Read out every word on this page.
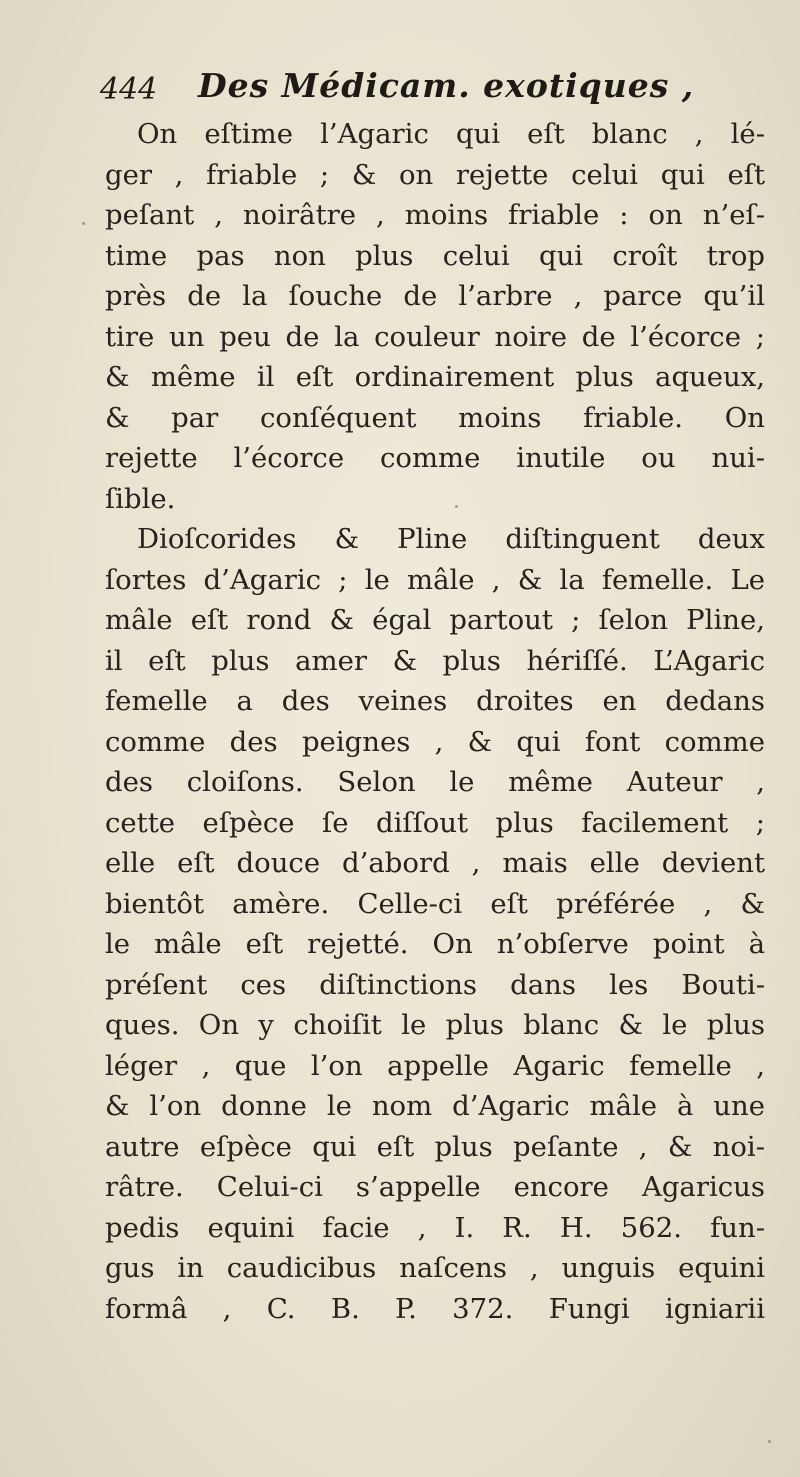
444 Des Médicam. exotiques ,
On eſtime l’Agaric qui eſt blanc , lé-
ger , friable ; & on rejette celui qui eſt
peſant , noirâtre , moins friable : on n’eſ-
time pas non plus celui qui croît trop
près de la ſouche de l’arbre , parce qu’il
tire un peu de la couleur noire de l’écorce ;
& même il eſt ordinairement plus aqueux,
& par conſéquent moins friable. On
rejette l’écorce comme inutile ou nui-
ſible.
Dioſcorides & Pline diſtinguent deux
ſortes d’Agaric ; le mâle , & la femelle. Le
mâle eſt rond & égal partout ; ſelon Pline,
il eſt plus amer & plus hériſſé. L’Agaric
femelle a des veines droites en dedans
comme des peignes , & qui font comme
des cloiſons. Selon le même Auteur ,
cette eſpèce ſe diſſout plus facilement ;
elle eſt douce d’abord , mais elle devient
bientôt amère. Celle-ci eſt préférée , &
le mâle eſt rejetté. On n’obſerve point à
préſent ces diſtinctions dans les Bouti-
ques. On y choiſit le plus blanc & le plus
léger , que l’on appelle Agaric femelle ,
& l’on donne le nom d’Agaric mâle à une
autre eſpèce qui eſt plus peſante , & noi-
râtre. Celui-ci s’appelle encore Agaricus
pedis equini facie , I. R. H. 562. fun-
gus in caudicibus naſcens , unguis equini
formâ , C. B. P. 372. Fungi igniarii
